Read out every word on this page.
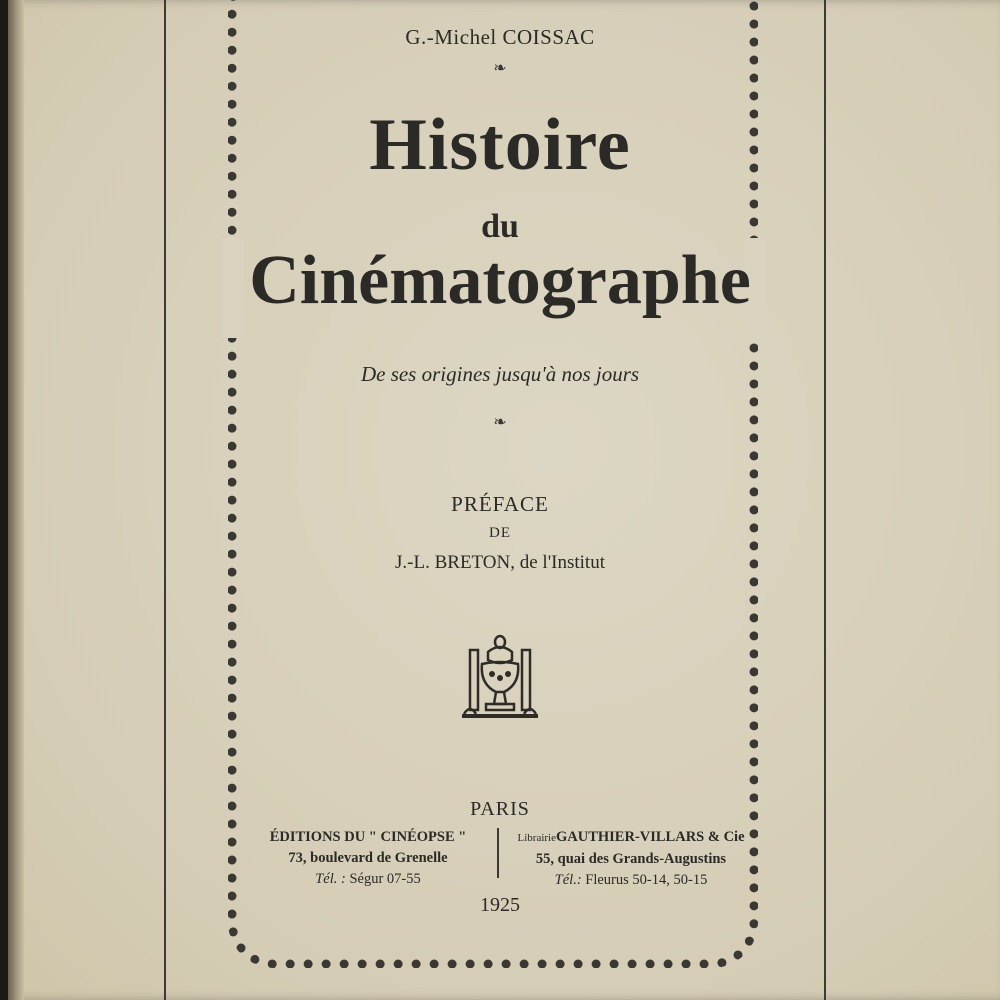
G.-Michel COISSAC
❧
Histoire
du
Cinématographe
De ses origines jusqu'à nos jours
❧
PRÉFACE
DE
J.-L. BRETON, de l'Institut
PARIS
ÉDITIONS DU " CINÉOPSE "
73, boulevard de Grenelle
Tél. : Ségur 07-55
LibrairieGAUTHIER-VILLARS & Cie
55, quai des Grands-Augustins
Tél.: Fleurus 50-14, 50-15
1925
